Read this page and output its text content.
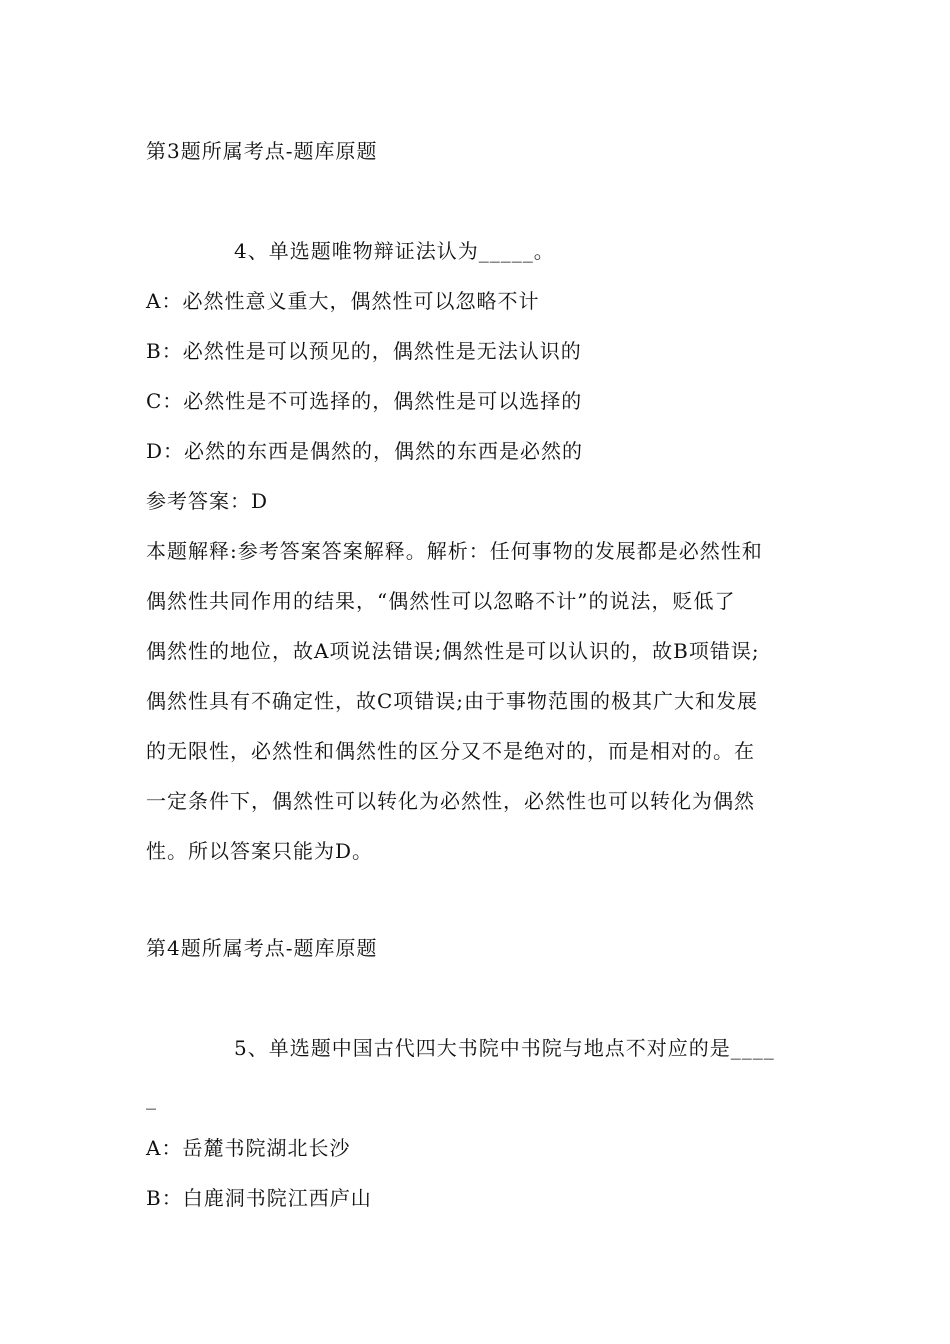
第3题所属考点-题库原题
4、单选题唯物辩证法认为_____。
A：必然性意义重大，偶然性可以忽略不计
B：必然性是可以预见的，偶然性是无法认识的
C：必然性是不可选择的，偶然性是可以选择的
D：必然的东西是偶然的，偶然的东西是必然的
参考答案：D
本题解释:参考答案答案解释。解析：任何事物的发展都是必然性和
偶然性共同作用的结果，“偶然性可以忽略不计”的说法，贬低了
偶然性的地位，故A项说法错误;偶然性是可以认识的，故B项错误;
偶然性具有不确定性，故C项错误;由于事物范围的极其广大和发展
的无限性，必然性和偶然性的区分又不是绝对的，而是相对的。在
一定条件下，偶然性可以转化为必然性，必然性也可以转化为偶然
性。所以答案只能为D。
第4题所属考点-题库原题
5、单选题中国古代四大书院中书院与地点不对应的是____
_
A：岳麓书院湖北长沙
B：白鹿洞书院江西庐山
